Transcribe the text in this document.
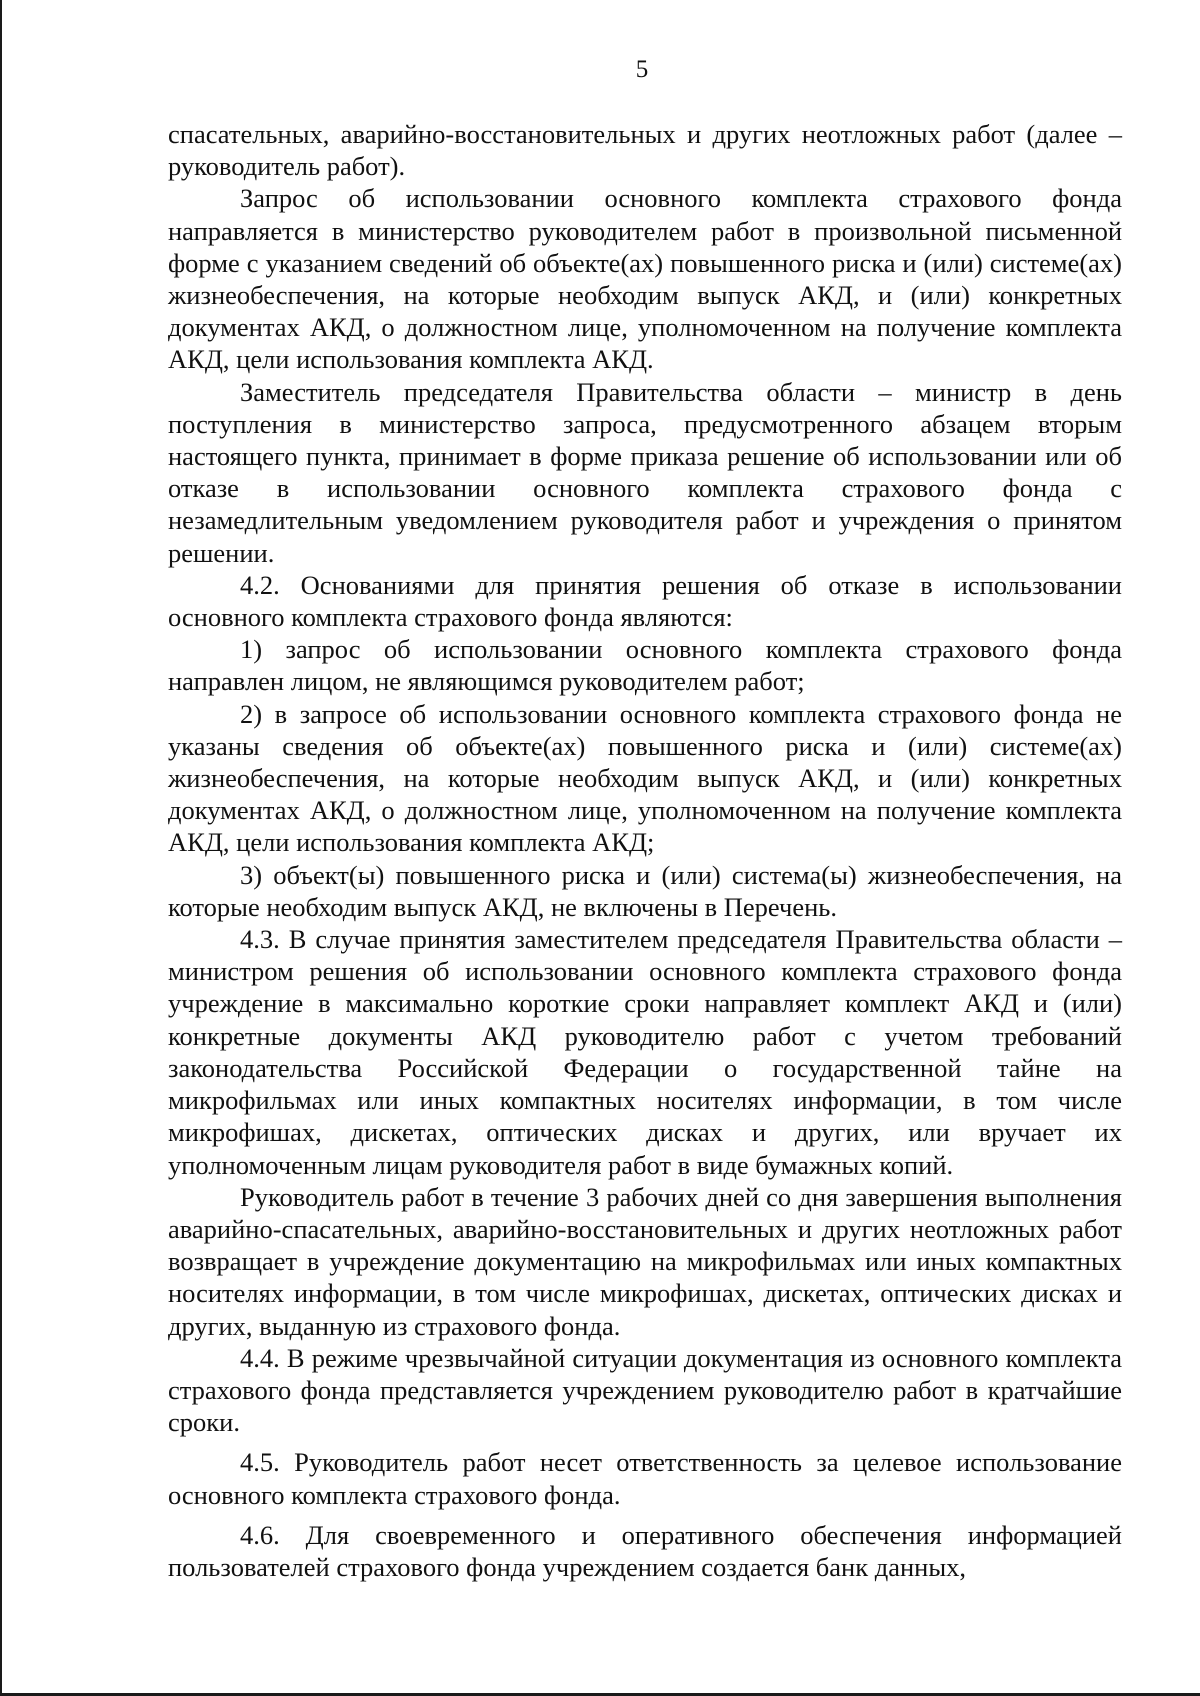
5

спасательных, аварийно-восстановительных и других неотложных работ (далее – руководитель работ).

Запрос об использовании основного комплекта страхового фонда направляется в министерство руководителем работ в произвольной письменной форме с указанием сведений об объекте(ах) повышенного риска и (или) системе(ах) жизнеобеспечения, на которые необходим выпуск АКД, и (или) конкретных документах АКД, о должностном лице, уполномоченном на получение комплекта АКД, цели использования комплекта АКД.

Заместитель председателя Правительства области – министр в день поступления в министерство запроса, предусмотренного абзацем вторым настоящего пункта, принимает в форме приказа решение об использовании или об отказе в использовании основного комплекта страхового фонда с незамедлительным уведомлением руководителя работ и учреждения о принятом решении.

4.2. Основаниями для принятия решения об отказе в использовании основного комплекта страхового фонда являются:

1) запрос об использовании основного комплекта страхового фонда направлен лицом, не являющимся руководителем работ;

2) в запросе об использовании основного комплекта страхового фонда не указаны сведения об объекте(ах) повышенного риска и (или) системе(ах) жизнеобеспечения, на которые необходим выпуск АКД, и (или) конкретных документах АКД, о должностном лице, уполномоченном на получение комплекта АКД, цели использования комплекта АКД;

3) объект(ы) повышенного риска и (или) система(ы) жизнеобеспечения, на которые необходим выпуск АКД, не включены в Перечень.

4.3. В случае принятия заместителем председателя Правительства области – министром решения об использовании основного комплекта страхового фонда учреждение в максимально короткие сроки направляет комплект АКД и (или) конкретные документы АКД руководителю работ с учетом требований законодательства Российской Федерации о государственной тайне на микрофильмах или иных компактных носителях информации, в том числе микрофишах, дискетах, оптических дисках и других, или вручает их уполномоченным лицам руководителя работ в виде бумажных копий.

Руководитель работ в течение 3 рабочих дней со дня завершения выполнения аварийно-спасательных, аварийно-восстановительных и других неотложных работ возвращает в учреждение документацию на микрофильмах или иных компактных носителях информации, в том числе микрофишах, дискетах, оптических дисках и других, выданную из страхового фонда.

4.4. В режиме чрезвычайной ситуации документация из основного комплекта страхового фонда представляется учреждением руководителю работ в кратчайшие сроки.

4.5. Руководитель работ несет ответственность за целевое использование основного комплекта страхового фонда.

4.6. Для своевременного и оперативного обеспечения информацией пользователей страхового фонда учреждением создается банк данных,
